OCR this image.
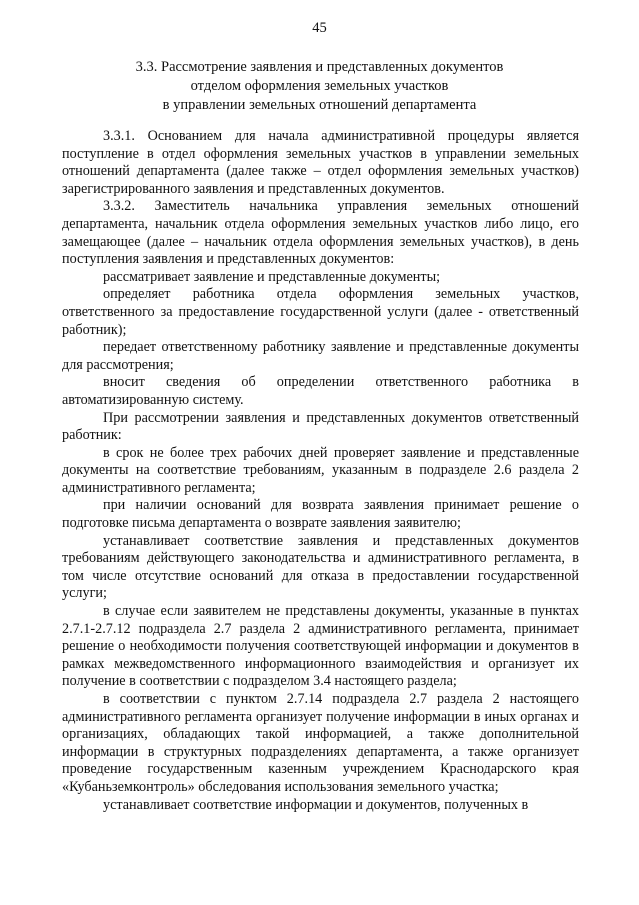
45
3.3. Рассмотрение заявления и представленных документов
отделом оформления земельных участков
в управлении земельных отношений департамента

3.3.1. Основанием для начала административной процедуры является поступление в отдел оформления земельных участков в управлении земельных отношений департамента (далее также – отдел оформления земельных участков) зарегистрированного заявления и представленных документов.

3.3.2. Заместитель начальника управления земельных отношений департамента, начальник отдела оформления земельных участков либо лицо, его замещающее (далее – начальник отдела оформления земельных участков), в день поступления заявления и представленных документов:

рассматривает заявление и представленные документы;

определяет работника отдела оформления земельных участков, ответственного за предоставление государственной услуги (далее - ответственный работник);

передает ответственному работнику заявление и представленные документы для рассмотрения;

вносит сведения об определении ответственного работника в автоматизированную систему.

При рассмотрении заявления и представленных документов ответственный работник:

в срок не более трех рабочих дней проверяет заявление и представленные документы на соответствие требованиям, указанным в подразделе 2.6 раздела 2 административного регламента;

при наличии оснований для возврата заявления принимает решение о подготовке письма департамента о возврате заявления заявителю;

устанавливает соответствие заявления и представленных документов требованиям действующего законодательства и административного регламента, в том числе отсутствие оснований для отказа в предоставлении государственной услуги;

в случае если заявителем не представлены документы, указанные в пунктах 2.7.1-2.7.12 подраздела 2.7 раздела 2 административного регламента, принимает решение о необходимости получения соответствующей информации и документов в рамках межведомственного информационного взаимодействия и организует их получение в соответствии с подразделом 3.4 настоящего раздела;

в соответствии с пунктом 2.7.14 подраздела 2.7 раздела 2 настоящего административного регламента организует получение информации в иных органах и организациях, обладающих такой информацией, а также дополнительной информации в структурных подразделениях департамента, а также организует проведение государственным казенным учреждением Краснодарского края «Кубаньземконтроль» обследования использования земельного участка;

устанавливает соответствие информации и документов, полученных в
